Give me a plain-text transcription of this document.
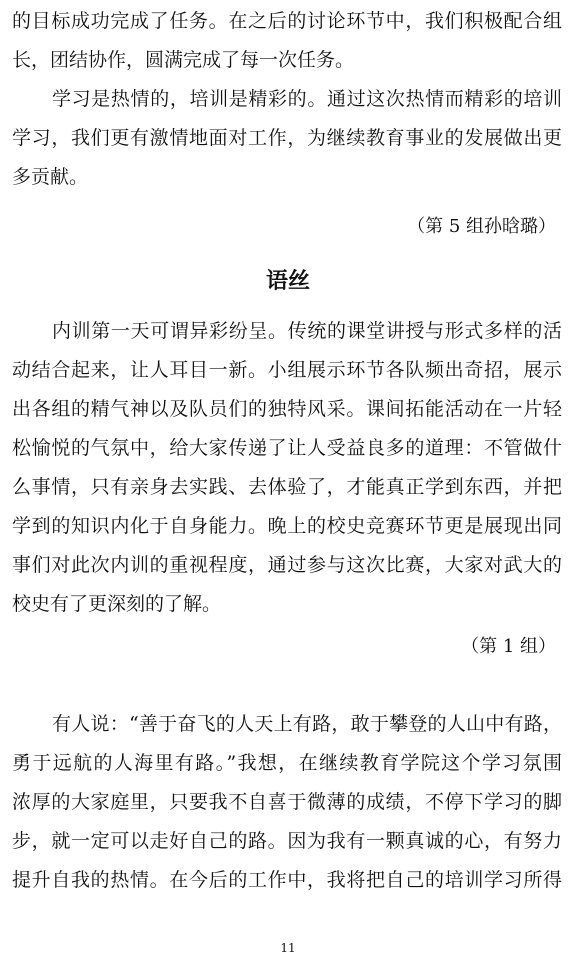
的目标成功完成了任务。在之后的讨论环节中，我们积极配合组
长，团结协作，圆满完成了每一次任务。
学习是热情的，培训是精彩的。通过这次热情而精彩的培训
学习，我们更有激情地面对工作，为继续教育事业的发展做出更
多贡献。
（第 5 组孙晗璐）
语丝
内训第一天可谓异彩纷呈。传统的课堂讲授与形式多样的活
动结合起来，让人耳目一新。小组展示环节各队频出奇招，展示
出各组的精气神以及队员们的独特风采。课间拓能活动在一片轻
松愉悦的气氛中，给大家传递了让人受益良多的道理：不管做什
么事情，只有亲身去实践、去体验了，才能真正学到东西，并把
学到的知识内化于自身能力。晚上的校史竞赛环节更是展现出同
事们对此次内训的重视程度，通过参与这次比赛，大家对武大的
校史有了更深刻的了解。
（第 1 组）
有人说：“善于奋飞的人天上有路，敢于攀登的人山中有路，
勇于远航的人海里有路。”我想，在继续教育学院这个学习氛围
浓厚的大家庭里，只要我不自喜于微薄的成绩，不停下学习的脚
步，就一定可以走好自己的路。因为我有一颗真诚的心，有努力
提升自我的热情。在今后的工作中，我将把自己的培训学习所得
11
